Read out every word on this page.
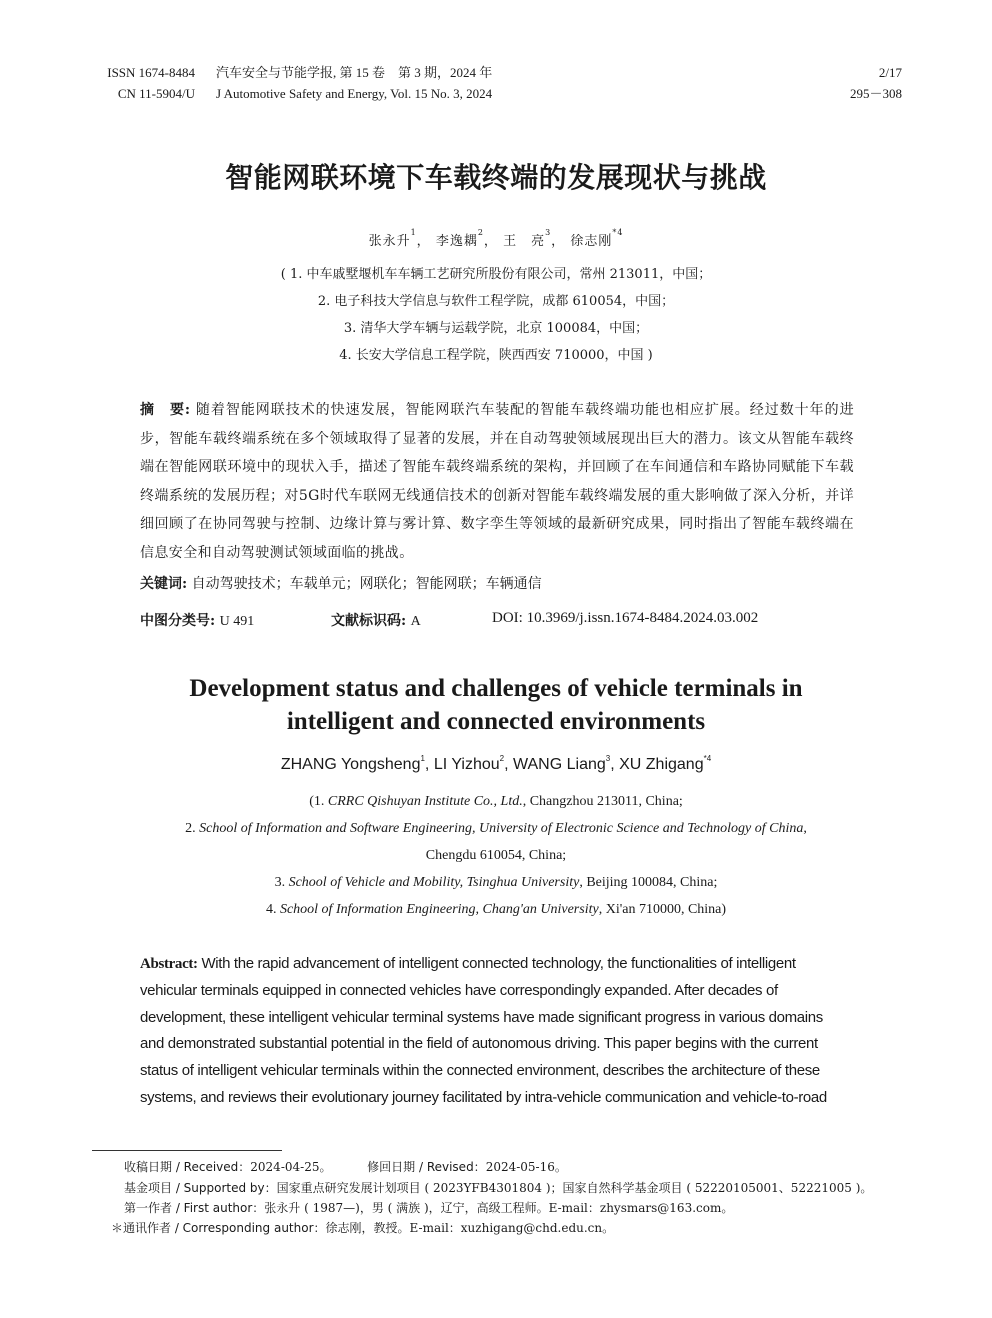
ISSN 1674-8484
CN 11-5904/U
汽车安全与节能学报, 第 15 卷　第 3 期，2024 年
J Automotive Safety and Energy, Vol. 15 No. 3, 2024
2/17
295－308
智能网联环境下车载终端的发展现状与挑战
张永升$^1$， 李逸耦$^2$， 王　亮$^3$， 徐志刚$^{*4}$
( 1. 中车戚墅堰机车车辆工艺研究所股份有限公司，常州 213011，中国；
2. 电子科技大学信息与软件工程学院，成都 610054，中国；
3. 清华大学车辆与运载学院，北京 100084，中国；
4. 长安大学信息工程学院，陕西西安 710000，中国 )
摘　要: 随着智能网联技术的快速发展，智能网联汽车装配的智能车载终端功能也相应扩展。经过数十年的进步，智能车载终端系统在多个领域取得了显著的发展，并在自动驾驶领域展现出巨大的潜力。该文从智能车载终端在智能网联环境中的现状入手，描述了智能车载终端系统的架构，并回顾了在车间通信和车路协同赋能下车载终端系统的发展历程；对5G时代车联网无线通信技术的创新对智能车载终端发展的重大影响做了深入分析，并详细回顾了在协同驾驶与控制、边缘计算与雾计算、数字孪生等领域的最新研究成果，同时指出了智能车载终端在信息安全和自动驾驶测试领域面临的挑战。
关键词: 自动驾驶技术；车载单元；网联化；智能网联；车辆通信
中图分类号: U 491	文献标识码: A	DOI: 10.3969/j.issn.1674-8484.2024.03.002
Development status and challenges of vehicle terminals in
intelligent and connected environments
ZHANG Yongsheng$^1$, LI Yizhou$^2$, WANG Liang$^3$, XU Zhigang$^{*4}$
(1. CRRC Qishuyan Institute Co., Ltd., Changzhou 213011, China;
2. School of Information and Software Engineering, University of Electronic Science and Technology of China,
Chengdu 610054, China;
3. School of Vehicle and Mobility, Tsinghua University, Beijing 100084, China;
4. School of Information Engineering, Chang'an University, Xi'an 710000, China)
Abstract: With the rapid advancement of intelligent connected technology, the functionalities of intelligent
vehicular terminals equipped in connected vehicles have correspondingly expanded. After decades of
development, these intelligent vehicular terminal systems have made significant progress in various domains
and demonstrated substantial potential in the field of autonomous driving. This paper begins with the current
status of intelligent vehicular terminals within the connected environment, describes the architecture of these
systems, and reviews their evolutionary journey facilitated by intra-vehicle communication and vehicle-to-road
收稿日期 / Received：2024-04-25。	修回日期 / Revised：2024-05-16。
基金项目 / Supported by：国家重点研究发展计划项目 ( 2023YFB4301804 )；国家自然科学基金项目 ( 52220105001、52221005 )。
第一作者 / First author：张永升 ( 1987—)，男 ( 满族 )，辽宁，高级工程师。E-mail：zhysmars@163.com。
＊通讯作者 / Corresponding author：徐志刚，教授。E-mail：xuzhigang@chd.edu.cn。
